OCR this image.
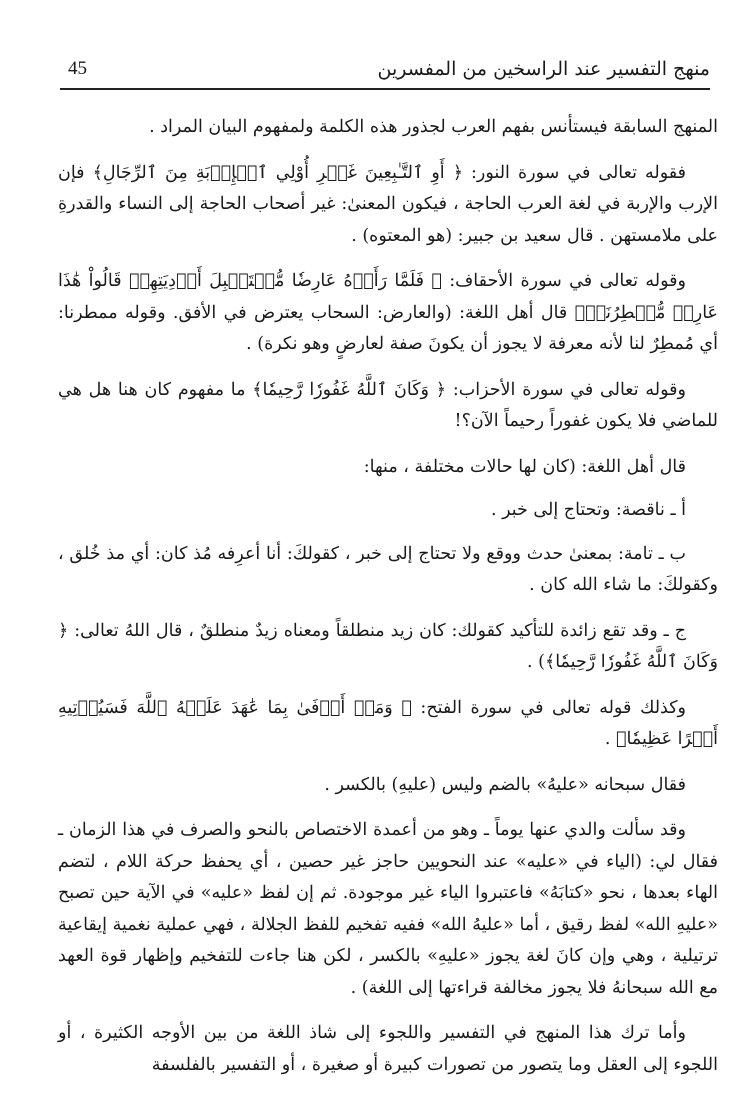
منهج التفسير عند الراسخين من المفسرين
45

المنهج السابقة فيستأنس بفهم العرب لجذور هذه الكلمة ولمفهوم البيان المراد .

فقوله تعالى في سورة النور: ﴿ أَوِ ٱلتَّـٰبِعِينَ غَيۡرِ أُوْلِي ٱلۡإِرۡبَةِ مِنَ ٱلرِّجَالِ﴾ فإن الإرب والإربة في لغة العرب الحاجة ، فيكون المعنىٰ: غير أصحاب الحاجة إلى النساء والقدرةِ على ملامستهن . قال سعيد بن جبير: (هو المعتوه) .

وقوله تعالى في سورة الأحقاف: ﴿ فَلَمَّا رَأَوۡهُ عَارِضٗا مُّسۡتَقۡبِلَ أَوۡدِيَتِهِمۡ قَالُواْ هَٰذَا عَارِضٞ مُّمۡطِرُنَاۚ﴾ قال أهل اللغة: (والعارض: السحاب يعترض في الأفق. وقوله ممطرنا: أي مُمطِرٌ لنا لأنه معرفة لا يجوز أن يكونَ صفة لعارضٍ وهو نكرة) .

وقوله تعالى في سورة الأحزاب: ﴿ وَكَانَ ٱللَّهُ غَفُورٗا رَّحِيمٗا﴾ ما مفهوم كان هنا هل هي للماضي فلا يكون غفوراً رحيماً الآن؟!

قال أهل اللغة: (كان لها حالات مختلفة ، منها:

أ ـ ناقصة: وتحتاج إلى خبر .

ب ـ تامة: بمعنىٰ حدث ووقع ولا تحتاج إلى خبر ، كقولكَ: أنا أعرِفه مُذ كان: أي مذ خُلق ، وكقولكَ: ما شاء الله كان .

ج ـ وقد تقع زائدة للتأكيد كقولك: كان زيد منطلقاً ومعناه زيدٌ منطلقٌ ، قال اللهُ تعالى: ﴿ وَكَانَ ٱللَّهُ غَفُورٗا رَّحِيمٗا﴾) .

وكذلك قوله تعالى في سورة الفتح: ﴿ وَمَنۡ أَوۡفَىٰ بِمَا عَٰهَدَ عَلَيۡهُ ٱللَّهَ فَسَيُؤۡتِيهِ أَجۡرًا عَظِيمٗا﴾ .

فقال سبحانه «عليهُ» بالضم وليس (عليهِ) بالكسر .

وقد سألت والدي عنها يوماً ـ وهو من أعمدة الاختصاص بالنحو والصرف في هذا الزمان ـ فقال لي: (الياء في «عليه» عند النحويين حاجز غير حصين ، أي يحفظ حركة اللام ، لتضم الهاء بعدها ، نحو «كتابَهُ» فاعتبروا الياء غير موجودة. ثم إن لفظ «عليه» في الآية حين تصبح «عليهِ الله» لفظ رقيق ، أما «عليهُ الله» ففيه تفخيم للفظ الجلالة ، فهي عملية نغمية إيقاعية ترتيلية ، وهي وإن كانَ لغة يجوز «عليهِ» بالكسر ، لكن هنا جاءت للتفخيم وإظهار قوة العهد مع الله سبحانهُ فلا يجوز مخالفة قراءتها إلى اللغة) .

وأما ترك هذا المنهج في التفسير واللجوء إلى شاذ اللغة من بين الأوجه الكثيرة ، أو اللجوء إلى العقل وما يتصور من تصورات كبيرة أو صغيرة ، أو التفسير بالفلسفة
